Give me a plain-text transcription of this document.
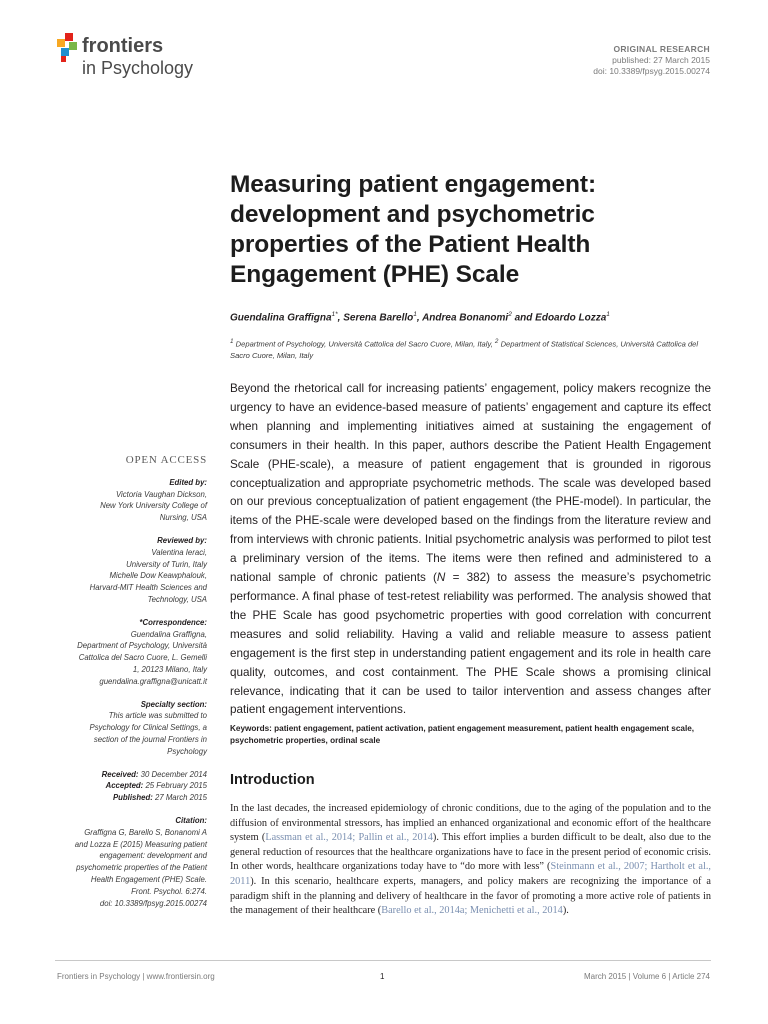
frontiers
in Psychology
ORIGINAL RESEARCH
published: 27 March 2015
doi: 10.3389/fpsyg.2015.00274
Measuring patient engagement: development and psychometric properties of the Patient Health Engagement (PHE) Scale
Guendalina Graffigna$^{1*}$, Serena Barello$^1$, Andrea Bonanomi$^2$ and Edoardo Lozza$^1$
$^1$ Department of Psychology, Università Cattolica del Sacro Cuore, Milan, Italy, $^2$ Department of Statistical Sciences, Università Cattolica del Sacro Cuore, Milan, Italy

Beyond the rhetorical call for increasing patients’ engagement, policy makers recognize the urgency to have an evidence-based measure of patients’ engagement and capture its effect when planning and implementing initiatives aimed at sustaining the engagement of consumers in their health. In this paper, authors describe the Patient Health Engagement Scale (PHE-scale), a measure of patient engagement that is grounded in rigorous conceptualization and appropriate psychometric methods. The scale was developed based on our previous conceptualization of patient engagement (the PHE-model). In particular, the items of the PHE-scale were developed based on the findings from the literature review and from interviews with chronic patients. Initial psychometric analysis was performed to pilot test a preliminary version of the items. The items were then refined and administered to a national sample of chronic patients (N = 382) to assess the measure’s psychometric performance. A final phase of test-retest reliability was performed. The analysis showed that the PHE Scale has good psychometric properties with good correlation with concurrent measures and solid reliability. Having a valid and reliable measure to assess patient engagement is the first step in understanding patient engagement and its role in health care quality, outcomes, and cost containment. The PHE Scale shows a promising clinical relevance, indicating that it can be used to tailor intervention and assess changes after patient engagement interventions.

Keywords: patient engagement, patient activation, patient engagement measurement, patient health engagement scale, psychometric properties, ordinal scale

Introduction

In the last decades, the increased epidemiology of chronic conditions, due to the aging of the population and to the diffusion of environmental stressors, has implied an enhanced organizational and economic effort of the healthcare system (Lassman et al., 2014; Pallin et al., 2014). This effort implies a burden difficult to be dealt, also due to the general reduction of resources that the healthcare organizations have to face in the present period of economic crisis. In other words, healthcare organizations today have to “do more with less” (Steinmann et al., 2007; Hartholt et al., 2011). In this scenario, healthcare experts, managers, and policy makers are recognizing the importance of a paradigm shift in the planning and delivery of healthcare in the favor of promoting a more active role of patients in the management of their healthcare (Barello et al., 2014a; Menichetti et al., 2014).

OPEN ACCESS
Edited by:
Victoria Vaughan Dickson,
New York University College of
Nursing, USA
Reviewed by:
Valentina Ieraci,
University of Turin, Italy
Michelle Dow Keawphalouk,
Harvard-MIT Health Sciences and
Technology, USA
*Correspondence:
Guendalina Graffigna,
Department of Psychology, Università
Cattolica del Sacro Cuore, L. Gemelli
1, 20123 Milano, Italy
guendalina.graffigna@unicatt.it
Specialty section:
This article was submitted to
Psychology for Clinical Settings, a
section of the journal Frontiers in
Psychology
Received: 30 December 2014
Accepted: 25 February 2015
Published: 27 March 2015
Citation:
Graffigna G, Barello S, Bonanomi A
and Lozza E (2015) Measuring patient
engagement: development and
psychometric properties of the Patient
Health Engagement (PHE) Scale.
Front. Psychol. 6:274.
doi: 10.3389/fpsyg.2015.00274
Frontiers in Psychology | www.frontiersin.org	1	March 2015 | Volume 6 | Article 274
